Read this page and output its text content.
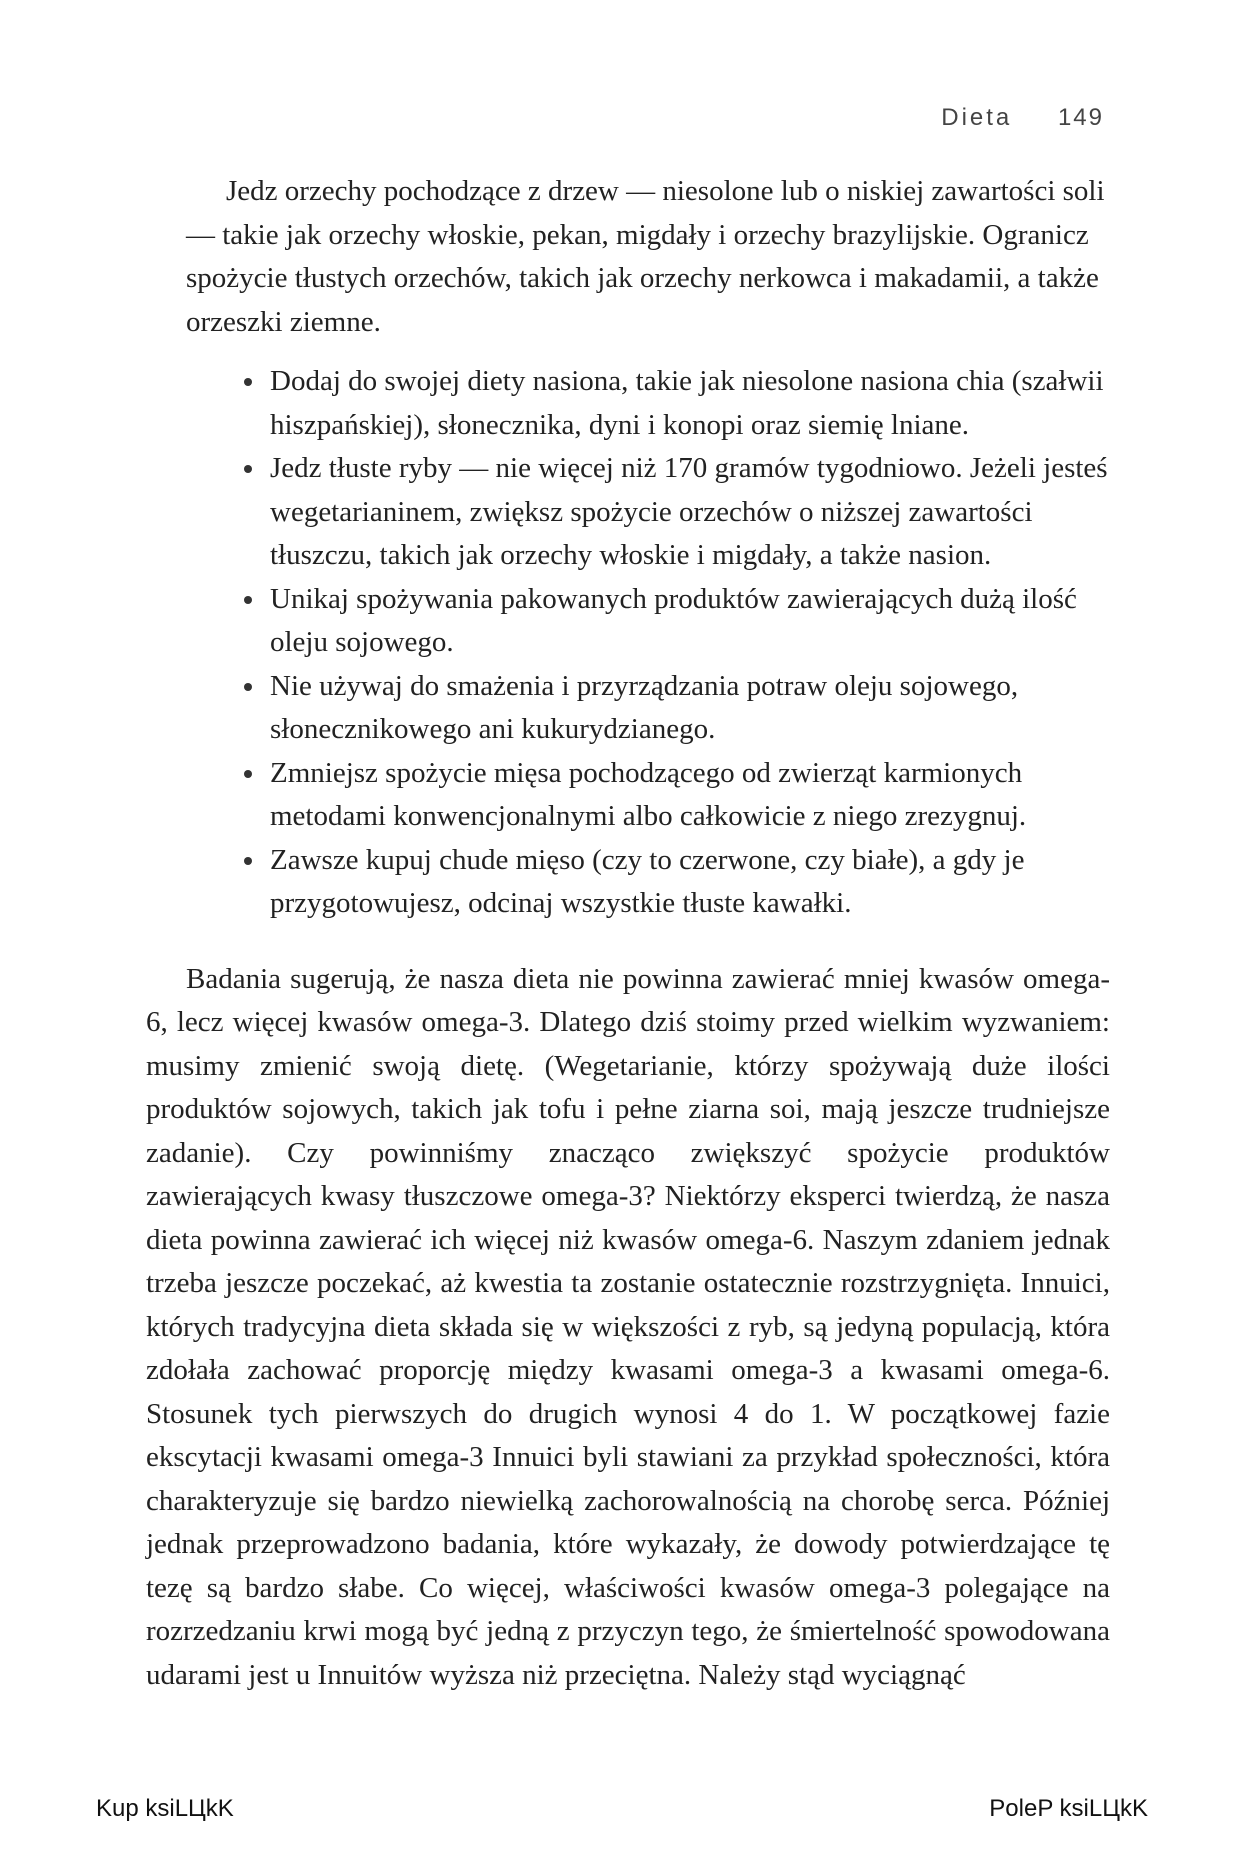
Dieta 149

Jedz orzechy pochodzące z drzew — niesolone lub o niskiej zawartości soli — takie jak orzechy włoskie, pekan, migdały i orzechy brazylijskie. Ogranicz spożycie tłustych orzechów, takich jak orzechy nerkowca i makadamii, a także orzeszki ziemne.

Dodaj do swojej diety nasiona, takie jak niesolone nasiona chia (szałwii hiszpańskiej), słonecznika, dyni i konopi oraz siemię lniane.
Jedz tłuste ryby — nie więcej niż 170 gramów tygodniowo. Jeżeli jesteś wegetarianinem, zwiększ spożycie orzechów o niższej zawartości tłuszczu, takich jak orzechy włoskie i migdały, a także nasion.
Unikaj spożywania pakowanych produktów zawierających dużą ilość oleju sojowego.
Nie używaj do smażenia i przyrządzania potraw oleju sojowego, słonecznikowego ani kukurydzianego.
Zmniejsz spożycie mięsa pochodzącego od zwierząt karmionych metodami konwencjonalnymi albo całkowicie z niego zrezygnuj.
Zawsze kupuj chude mięso (czy to czerwone, czy białe), a gdy je przygotowujesz, odcinaj wszystkie tłuste kawałki.

Badania sugerują, że nasza dieta nie powinna zawierać mniej kwasów omega-6, lecz więcej kwasów omega-3. Dlatego dziś stoimy przed wielkim wyzwaniem: musimy zmienić swoją dietę. (Wegetarianie, którzy spożywają duże ilości produktów sojowych, takich jak tofu i pełne ziarna soi, mają jeszcze trudniejsze zadanie). Czy powinniśmy znacząco zwiększyć spożycie produktów zawierających kwasy tłuszczowe omega-3? Niektórzy eksperci twierdzą, że nasza dieta powinna zawierać ich więcej niż kwasów omega-6. Naszym zdaniem jednak trzeba jeszcze poczekać, aż kwestia ta zostanie ostatecznie rozstrzygnięta. Innuici, których tradycyjna dieta składa się w większości z ryb, są jedyną populacją, która zdołała zachować proporcję między kwasami omega-3 a kwasami omega-6. Stosunek tych pierwszych do drugich wynosi 4 do 1. W początkowej fazie ekscytacji kwasami omega-3 Innuici byli stawiani za przykład społeczności, która charakteryzuje się bardzo niewielką zachorowalnością na chorobę serca. Później jednak przeprowadzono badania, które wykazały, że dowody potwierdzające tę tezę są bardzo słabe. Co więcej, właściwości kwasów omega-3 polegające na rozrzedzaniu krwi mogą być jedną z przyczyn tego, że śmiertelność spowodowana udarami jest u Innuitów wyższa niż przeciętna. Należy stąd wyciągnąć

Kup ksiLЦkK	PoleP ksiLЦkK
